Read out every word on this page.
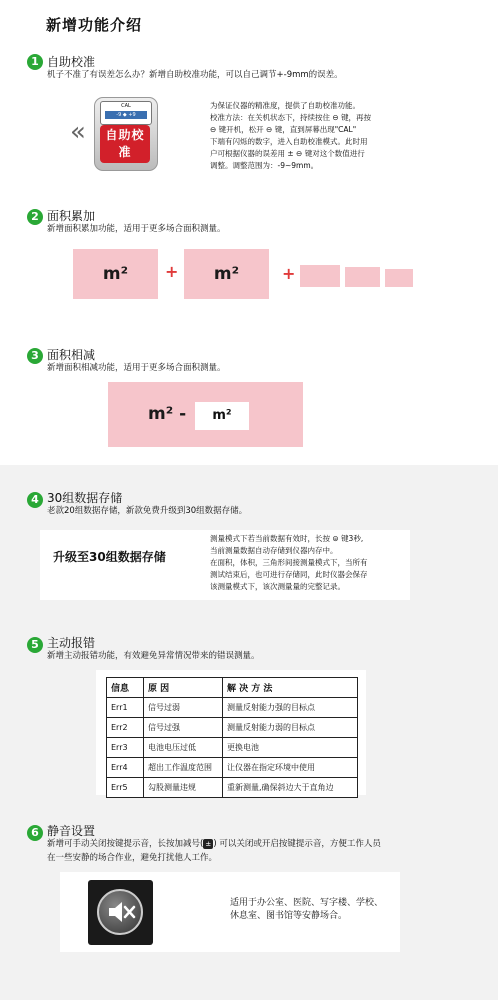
新增功能介绍
1 自助校准
机子不准了有误差怎么办？新增自助校准功能，可以自己调节+-9mm的误差。
«
CAL
-9 ◆ +9
自助校准
为保证仪器的精准度，提供了自助校准功能。
校准方法：在关机状态下，持续按住 ⊖ 键，再按
⊖ 键开机，松开 ⊖ 键，直到屏幕出现"CAL"
下端有闪烁的数字，进入自助校准模式。此时用
户可根据仪器的误差用 ± ⊖ 键对这个数值进行
调整。调整范围为：-9~9mm。
2 面积累加
新增面积累加功能，适用于更多场合面积测量。
m²	+	m²	+
3 面积相减
新增面积相减功能，适用于更多场合面积测量。
m² -	m²
4 30组数据存储
老款20组数据存储，新款免费升级到30组数据存储。
升级至30组数据存储
测量模式下若当前数据有效时，长按 ⊜ 键3秒,
当前测量数据自动存储到仪器内存中。
在面积，体积，三角形间接测量模式下，当所有
测试结束后，也可进行存储同，此时仪器会保存
该测量模式下，该次测量量的完整记录。
5 主动报错
新增主动报错功能，有效避免异常情况带来的错误测量。
信息	原 因	解 决 方 法
Err1	信号过弱	测量反射能力强的目标点
Err2	信号过强	测量反射能力弱的目标点
Err3	电池电压过低	更换电池
Err4	超出工作温度范围	让仪器在指定环境中使用
Err5	勾股测量违规	重新测量,确保斜边大于直角边
6 静音设置
新增可手动关闭按键提示音，长按加减号( ± ) 可以关闭或开启按键提示音，方便工作人员
在一些安静的场合作业，避免打扰他人工作。
适用于办公室、医院、写字楼、学校、
休息室、图书馆等安静场合。
